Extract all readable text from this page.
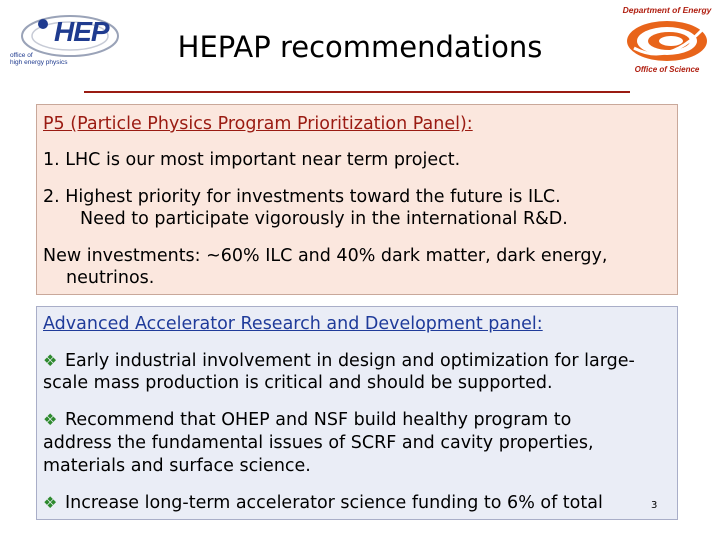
HEP
office of
high energy physics	HEPAP recommendations
Department of Energy
Office of Science
P5 (Particle Physics Program Prioritization Panel):
1. LHC is our most important near term project.
2. Highest priority for investments toward the future is ILC.
Need to participate vigorously in the international R&D.
New investments: ~60% ILC and 40% dark matter, dark energy,
neutrinos.
Advanced Accelerator Research and Development panel:
❖ Early industrial involvement in design and optimization for large-
scale mass production is critical and should be supported.
❖ Recommend that OHEP and NSF build healthy program to
address the fundamental issues of SCRF and cavity properties,
materials and surface science.
❖ Increase long-term accelerator science funding to 6% of total	3
